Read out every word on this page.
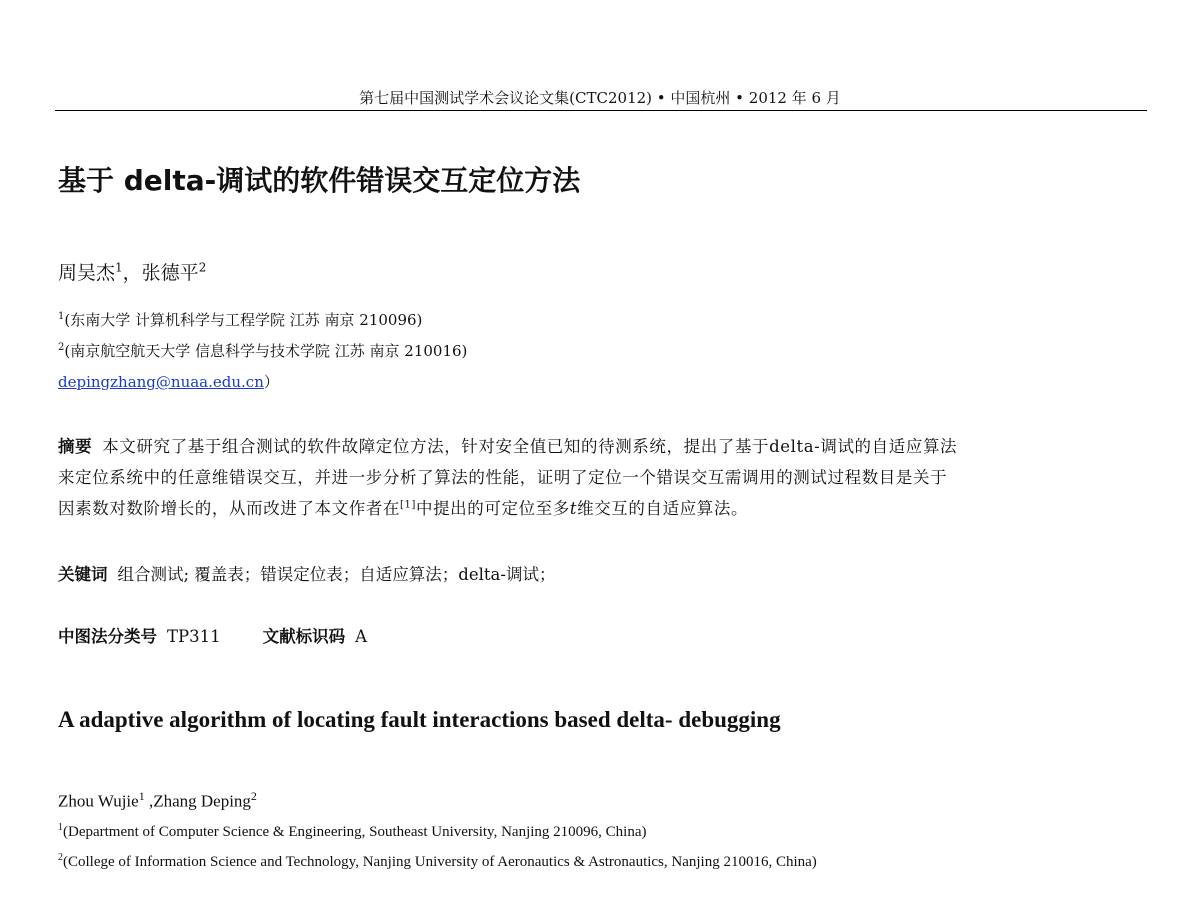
第七届中国测试学术会议论文集(CTC2012) • 中国杭州 • 2012 年 6 月
基于 delta-调试的软件错误交互定位方法
周吴杰$^1$，张德平$^2$
$^1$(东南大学 计算机科学与工程学院 江苏 南京 210096)
$^2$(南京航空航天大学 信息科学与技术学院 江苏 南京 210016)
depingzhang@nuaa.edu.cn）
摘要 本文研究了基于组合测试的软件故障定位方法，针对安全值已知的待测系统，提出了基于delta-调试的自适应算法
来定位系统中的任意维错误交互，并进一步分析了算法的性能，证明了定位一个错误交互需调用的测试过程数目是关于
因素数对数阶增长的，从而改进了本文作者在[1]中提出的可定位至多t维交互的自适应算法。
关键词 组合测试; 覆盖表；错误定位表；自适应算法；delta-调试；
中图法分类号 TP311	文献标识码 A
A adaptive algorithm of locating fault interactions based delta- debugging
Zhou Wujie$^1$ ,Zhang Deping$^2$
$^1$(Department of Computer Science & Engineering, Southeast University, Nanjing 210096, China)
$^2$(College of Information Science and Technology, Nanjing University of Aeronautics & Astronautics, Nanjing 210016, China)
